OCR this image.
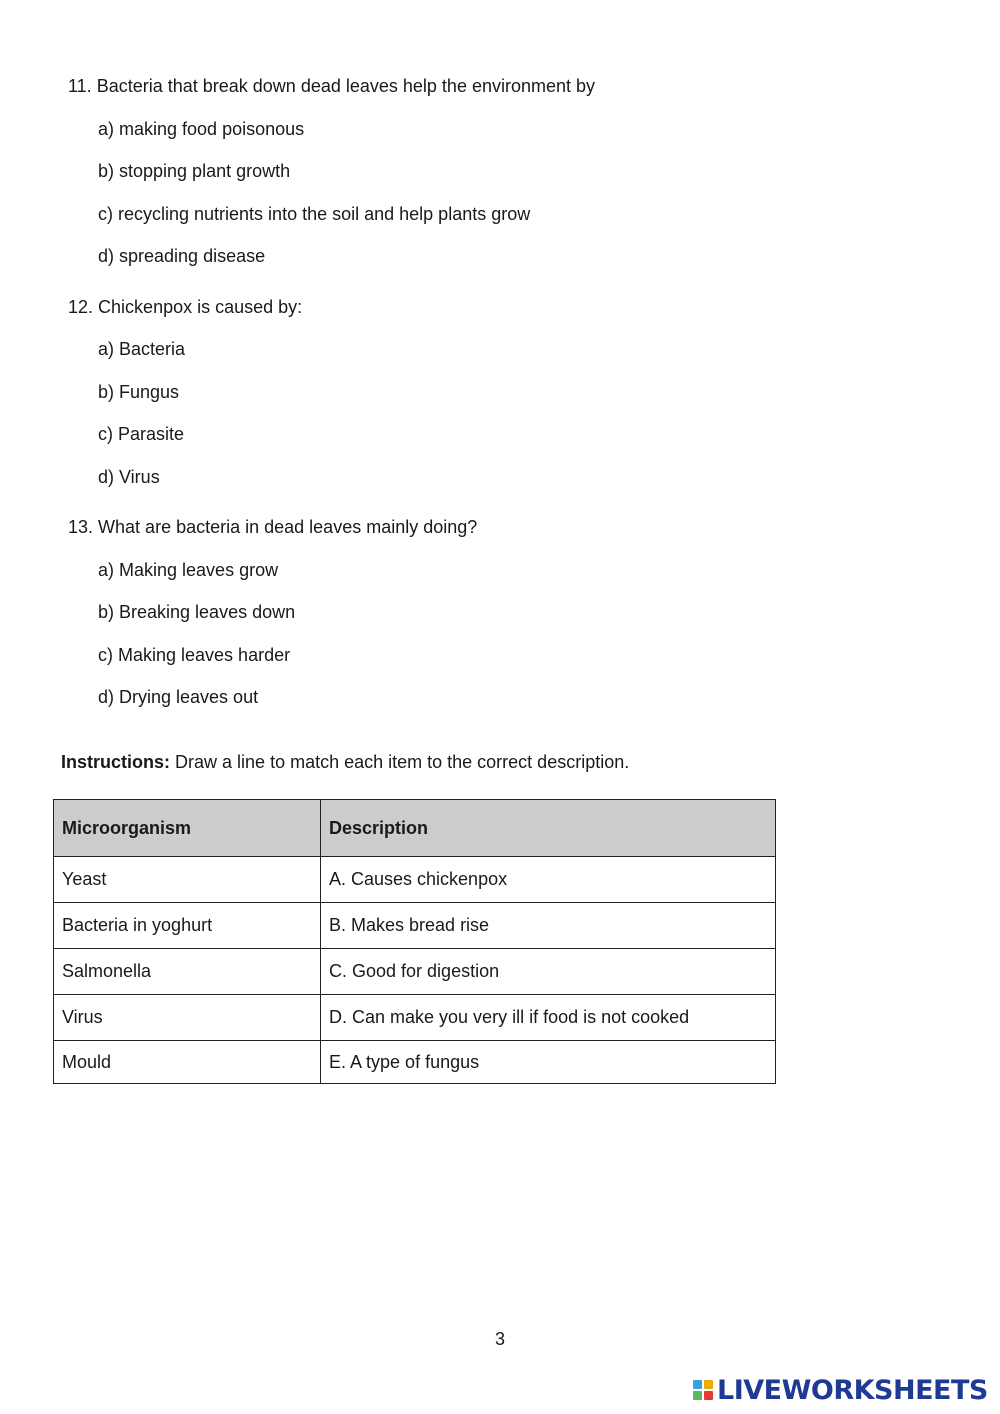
11. Bacteria that break down dead leaves help the environment by
a) making food poisonous
b) stopping plant growth
c) recycling nutrients into the soil and help plants grow
d) spreading disease
12. Chickenpox is caused by:
a) Bacteria
b) Fungus
c) Parasite
d) Virus
13. What are bacteria in dead leaves mainly doing?
a) Making leaves grow
b) Breaking leaves down
c) Making leaves harder
d) Drying leaves out
Instructions: Draw a line to match each item to the correct description.
Microorganism	Description
Yeast	A. Causes chickenpox
Bacteria in yoghurt	B. Makes bread rise
Salmonella	C. Good for digestion
Virus	D. Can make you very ill if food is not cooked
Mould	E. A type of fungus
3
LIVEWORKSHEETS
